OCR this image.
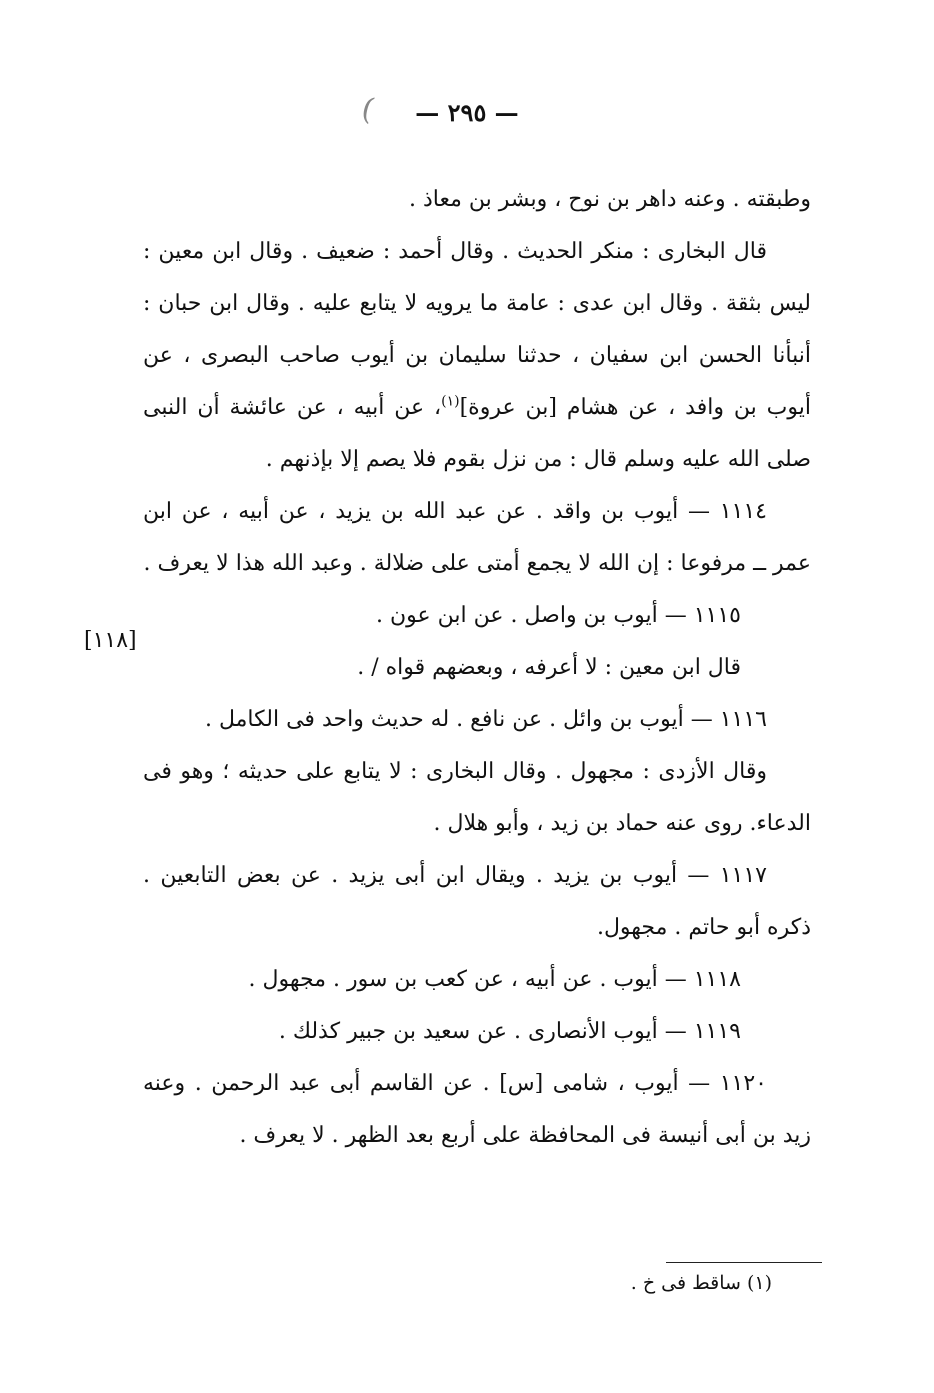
— ٢٩٥ —
(

وطبقته . وعنه داهر بن نوح ، وبشر بن معاذ .

قال البخارى : منكر الحديث . وقال أحمد : ضعيف . وقال ابن معين : ليس بثقة . وقال ابن عدى : عامة ما يرويه لا يتابع عليه . وقال ابن حبان : أنبأنا الحسن ابن سفيان ، حدثنا سليمان بن أيوب صاحب البصرى ، عن أيوب بن وافد ، عن هشام [بن عروة]$^{(١)}$، عن أبيه ، عن عائشة أن النبى صلى الله عليه وسلم قال : من نزل بقوم فلا يصم إلا بإذنهم .

١١١٤ — أيوب بن واقد . عن عبد الله بن يزيد ، عن أبيه ، عن ابن عمر ــ مرفوعا : إن الله لا يجمع أمتى على ضلالة . وعبد الله هذا لا يعرف .

١١١٥ — أيوب بن واصل . عن ابن عون .

قال ابن معين : لا أعرفه ، وبعضهم قواه / .

١١١٦ — أيوب بن وائل . عن نافع . له حديث واحد فى الكامل .

وقال الأزدى : مجهول . وقال البخارى : لا يتابع على حديثه ؛ وهو فى الدعاء. روى عنه حماد بن زيد ، وأبو هلال .

١١١٧ — أيوب بن يزيد . ويقال ابن أبى يزيد . عن بعض التابعين . ذكره أبو حاتم . مجهول.

١١١٨ — أيوب . عن أبيه ، عن كعب بن سور . مجهول .

١١١٩ — أيوب الأنصارى . عن سعيد بن جبير كذلك .

١١٢٠ — أيوب ، شامى [س] . عن القاسم أبى عبد الرحمن . وعنه زيد بن أبى أنيسة فى المحافظة على أربع بعد الظهر . لا يعرف .

[١١٨]
(١) ساقط فى خ .
